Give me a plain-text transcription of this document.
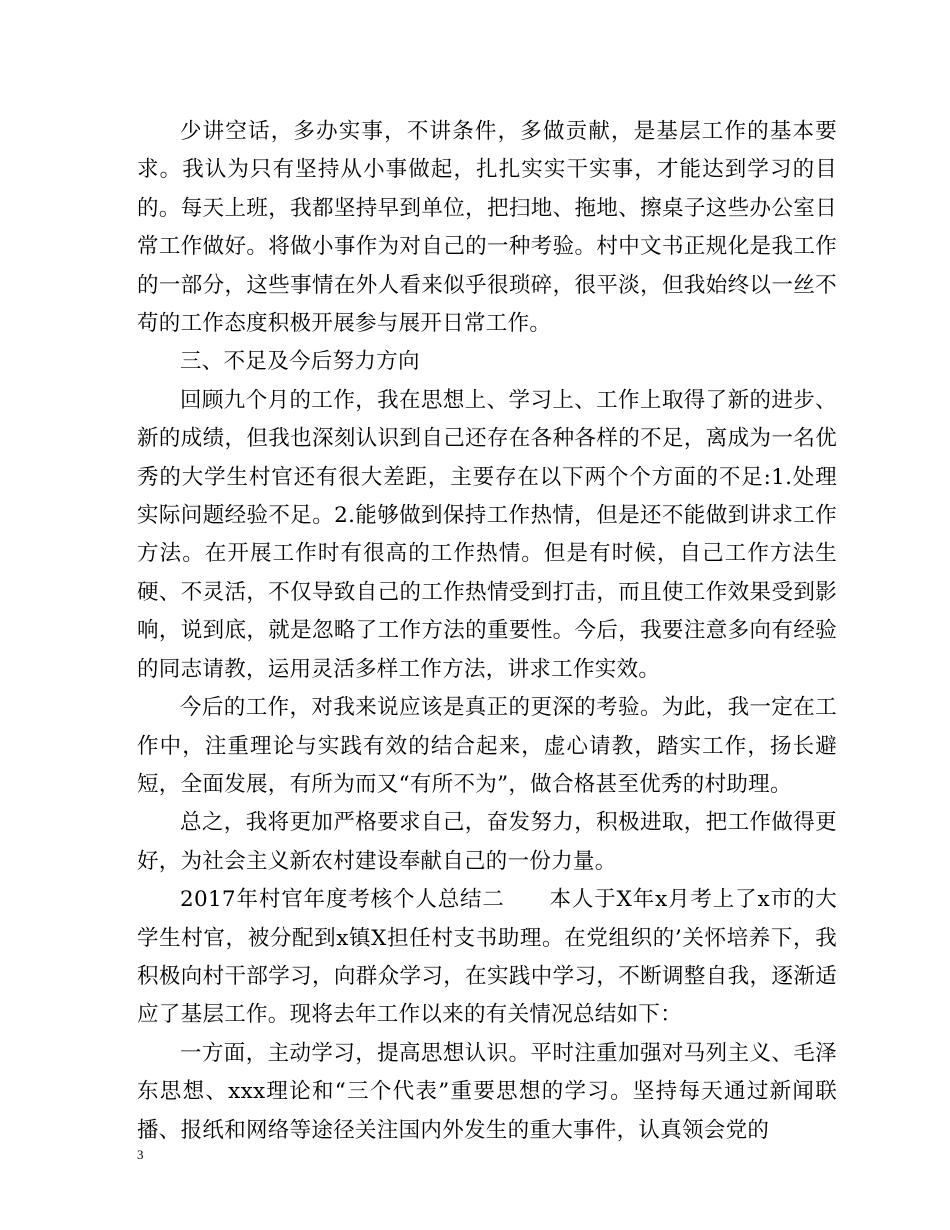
少讲空话，多办实事，不讲条件，多做贡献，是基层工作的基本要求。我认为只有坚持从小事做起，扎扎实实干实事，才能达到学习的目的。每天上班，我都坚持早到单位，把扫地、拖地、擦桌子这些办公室日常工作做好。将做小事作为对自己的一种考验。村中文书正规化是我工作的一部分，这些事情在外人看来似乎很琐碎，很平淡，但我始终以一丝不苟的工作态度积极开展参与展开日常工作。

三、不足及今后努力方向

回顾九个月的工作，我在思想上、学习上、工作上取得了新的进步、新的成绩，但我也深刻认识到自己还存在各种各样的不足，离成为一名优秀的大学生村官还有很大差距，主要存在以下两个个方面的不足:1.处理实际问题经验不足。2.能够做到保持工作热情，但是还不能做到讲求工作方法。在开展工作时有很高的工作热情。但是有时候，自己工作方法生硬、不灵活，不仅导致自己的工作热情受到打击，而且使工作效果受到影响，说到底，就是忽略了工作方法的重要性。今后，我要注意多向有经验的同志请教，运用灵活多样工作方法，讲求工作实效。

今后的工作，对我来说应该是真正的更深的考验。为此，我一定在工作中，注重理论与实践有效的结合起来，虚心请教，踏实工作，扬长避短，全面发展，有所为而又“有所不为”，做合格甚至优秀的村助理。

总之，我将更加严格要求自己，奋发努力，积极进取，把工作做得更好，为社会主义新农村建设奉献自己的一份力量。

2017年村官年度考核个人总结二　　本人于X年x月考上了x市的大学生村官，被分配到x镇X担任村支书助理。在党组织的’关怀培养下，我积极向村干部学习，向群众学习，在实践中学习，不断调整自我，逐渐适应了基层工作。现将去年工作以来的有关情况总结如下：

一方面，主动学习，提高思想认识。平时注重加强对马列主义、毛泽东思想、xxx理论和“三个代表”重要思想的学习。坚持每天通过新闻联播、报纸和网络等途径关注国内外发生的重大事件，认真领会党的

3
